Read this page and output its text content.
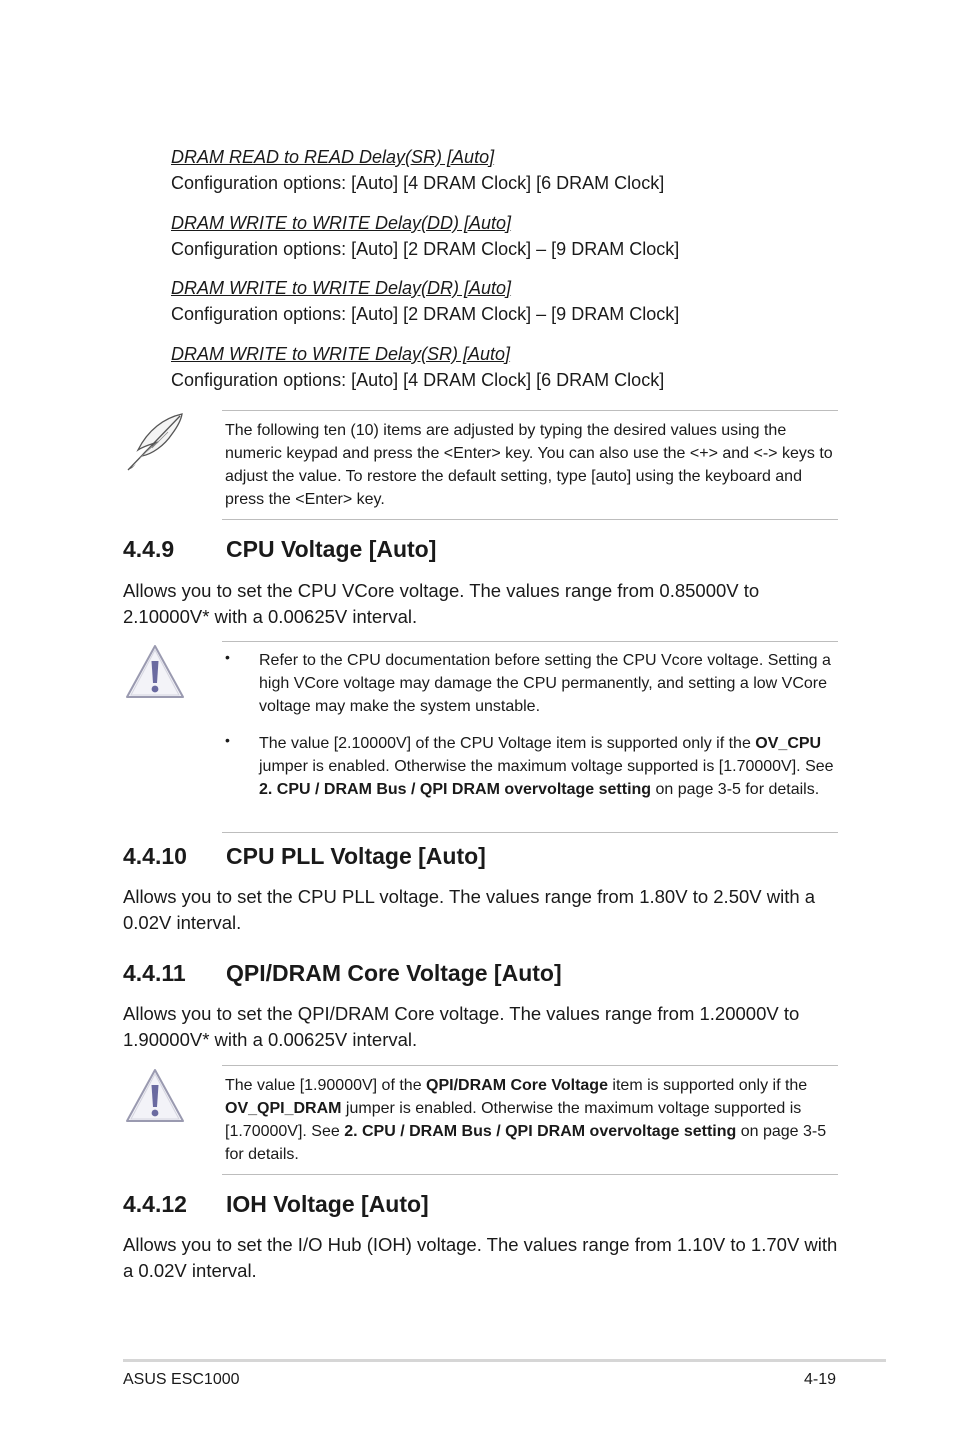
DRAM READ to READ Delay(SR) [Auto]
Configuration options: [Auto] [4 DRAM Clock] [6 DRAM Clock]
DRAM WRITE to WRITE Delay(DD) [Auto]
Configuration options: [Auto] [2 DRAM Clock] – [9 DRAM Clock]
DRAM WRITE to WRITE Delay(DR) [Auto]
Configuration options: [Auto] [2 DRAM Clock] – [9 DRAM Clock]
DRAM WRITE to WRITE Delay(SR) [Auto]
Configuration options: [Auto] [4 DRAM Clock] [6 DRAM Clock]
The following ten (10) items are adjusted by typing the desired values using the numeric keypad and press the <Enter> key. You can also use the <+> and <-> keys to adjust the value. To restore the default setting, type [auto] using the keyboard and press the <Enter> key.
4.4.9 CPU Voltage [Auto]
Allows you to set the CPU VCore voltage. The values range from 0.85000V to 2.10000V* with a 0.00625V interval.
• Refer to the CPU documentation before setting the CPU Vcore voltage. Setting a high VCore voltage may damage the CPU permanently, and setting a low VCore voltage may make the system unstable.
• The value [2.10000V] of the CPU Voltage item is supported only if the OV_CPU jumper is enabled. Otherwise the maximum voltage supported is [1.70000V]. See 2. CPU / DRAM Bus / QPI DRAM overvoltage setting on page 3-5 for details.
4.4.10 CPU PLL Voltage [Auto]
Allows you to set the CPU PLL voltage. The values range from 1.80V to 2.50V with a 0.02V interval.
4.4.11 QPI/DRAM Core Voltage [Auto]
Allows you to set the QPI/DRAM Core voltage. The values range from 1.20000V to 1.90000V* with a 0.00625V interval.
The value [1.90000V] of the QPI/DRAM Core Voltage item is supported only if the OV_QPI_DRAM jumper is enabled. Otherwise the maximum voltage supported is [1.70000V]. See 2. CPU / DRAM Bus / QPI DRAM overvoltage setting on page 3-5 for details.
4.4.12 IOH Voltage [Auto]
Allows you to set the I/O Hub (IOH) voltage. The values range from 1.10V to 1.70V with a 0.02V interval.
ASUS ESC1000	4-19
